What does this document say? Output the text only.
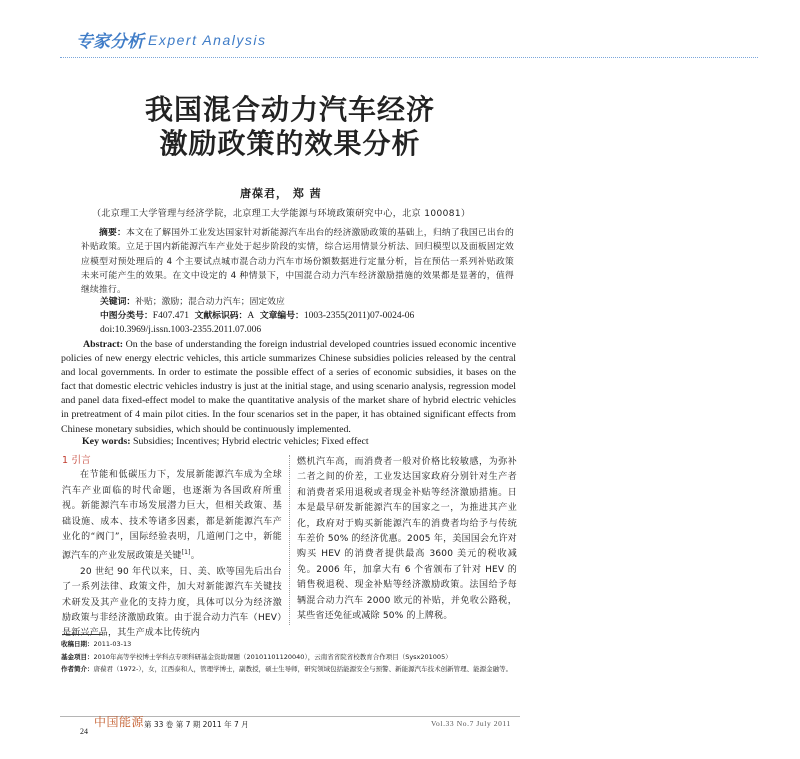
专家分析 Expert Analysis
我国混合动力汽车经济
激励政策的效果分析
唐葆君， 郑 茜
（北京理工大学管理与经济学院，北京理工大学能源与环境政策研究中心，北京 100081）
摘要：本文在了解国外工业发达国家针对新能源汽车出台的经济激励政策的基础上，归纳了我国已出台的补贴政策。立足于国内新能源汽车产业处于起步阶段的实情，综合运用情景分析法、回归模型以及面板固定效应模型对预处理后的 4 个主要试点城市混合动力汽车市场份额数据进行定量分析，旨在预估一系列补贴政策未来可能产生的效果。在文中设定的 4 种情景下，中国混合动力汽车经济激励措施的效果都是显著的，值得继续推行。
关键词：补贴；激励；混合动力汽车；固定效应
中图分类号：F407.471 文献标识码：A 文章编号：1003-2355(2011)07-0024-06
doi:10.3969/j.issn.1003-2355.2011.07.006
Abstract: On the base of understanding the foreign industrial developed countries issued economic incentive policies of new energy electric vehicles, this article summarizes Chinese subsidies policies released by the central and local governments. In order to estimate the possible effect of a series of economic subsidies, it bases on the fact that domestic electric vehicles industry is just at the initial stage, and using scenario analysis, regression model and panel data fixed-effect model to make the quantitative analysis of the market share of hybrid electric vehicles in pretreatment of 4 main pilot cities. In the four scenarios set in the paper, it has obtained significant effects from Chinese monetary subsidies, which should be continuously implemented.
Key words: Subsidies; Incentives; Hybrid electric vehicles; Fixed effect
1 引言

在节能和低碳压力下，发展新能源汽车成为全球汽车产业面临的时代命题，也逐渐为各国政府所重视。新能源汽车市场发展潜力巨大，但相关政策、基础设施、成本、技术等诸多因素，都是新能源汽车产业化的“阀门”，国际经验表明，几道闸门之中，新能源汽车的产业发展政策是关键[1]。

20 世纪 90 年代以来，日、美、欧等国先后出台了一系列法律、政策文件，加大对新能源汽车关键技术研发及其产业化的支持力度，具体可以分为经济激励政策与非经济激励政策。由于混合动力汽车（HEV）是新兴产品，其生产成本比传统内

燃机汽车高，而消费者一般对价格比较敏感，为弥补二者之间的价差，工业发达国家政府分别针对生产者和消费者采用退税或者现金补贴等经济激励措施。日本是最早研发新能源汽车的国家之一，为推进其产业化，政府对于购买新能源汽车的消费者均给予与传统车差价 50% 的经济优惠。2005 年，美国国会允许对购买 HEV 的消费者提供最高 3600 美元的税收减免。2006 年，加拿大有 6 个省颁布了针对 HEV 的销售税退税、现金补贴等经济激励政策。法国给予每辆混合动力汽车 2000 欧元的补贴，并免收公路税，某些省还免征或减除 50% 的上牌税。

收稿日期：2011-03-13
基金项目：2010年高等学校博士学科点专项科研基金资助课题（20101101120040），云南省省院省校教育合作项目（Sysx201005）
作者简介：唐葆君（1972-），女，江西泰和人，管理学博士，副教授，硕士生导师，研究领域包括能源安全与预警、新能源汽车技术创新管理、能源金融等。
中国能源 第 33 卷 第 7 期 2011 年 7 月	Vol.33 No.7 July 2011
24
